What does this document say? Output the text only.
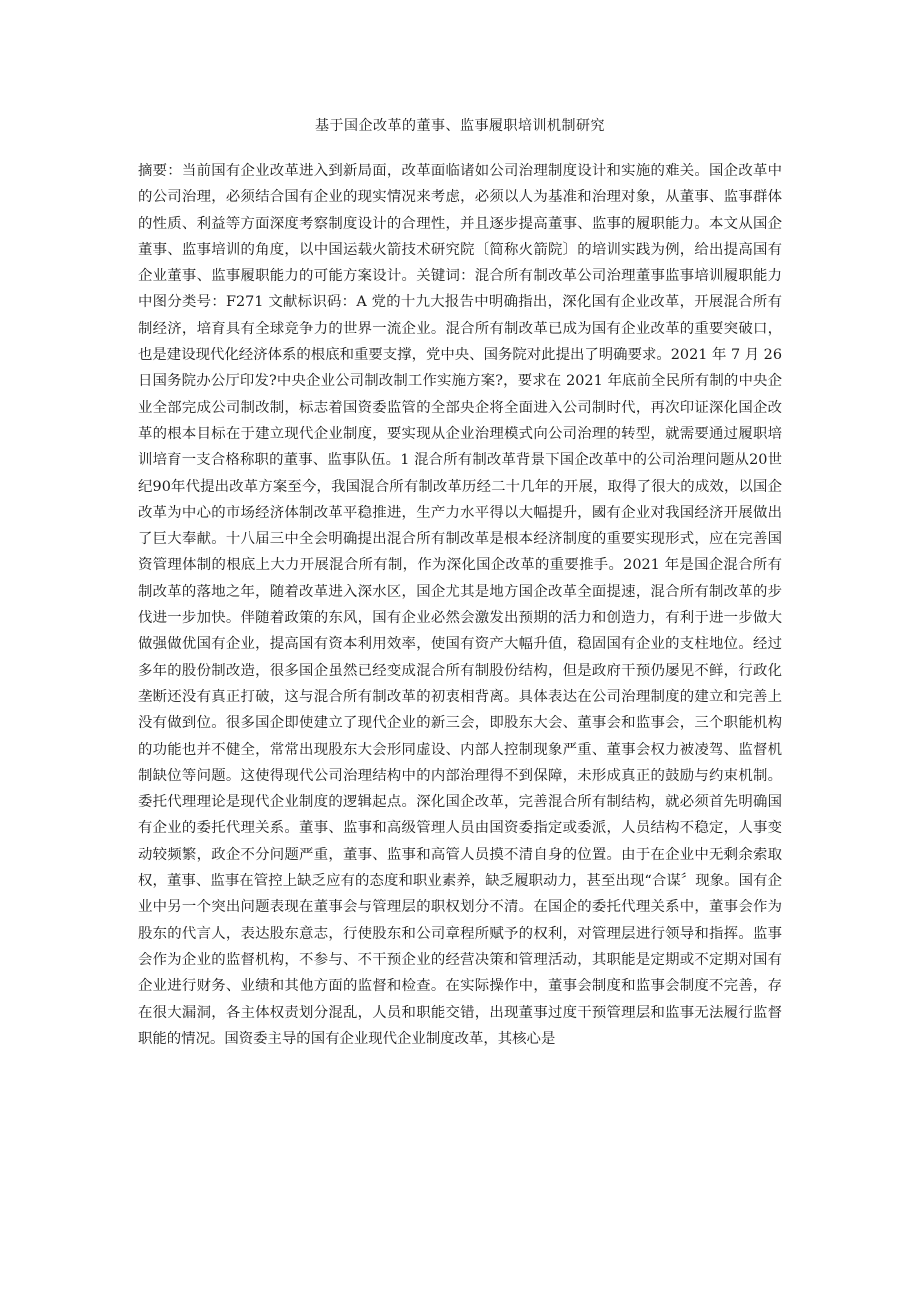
基于国企改革的董事、监事履职培训机制研究

摘要：当前国有企业改革进入到新局面，改革面临诸如公司治理制度设计和实施的难关。国企改革中的公司治理，必须结合国有企业的现实情况来考虑，必须以人为基准和治理对象，从董事、监事群体的性质、利益等方面深度考察制度设计的合理性，并且逐步提高董事、监事的履职能力。本文从国企董事、监事培训的角度，以中国运载火箭技术研究院〔简称火箭院〕的培训实践为例，给出提高国有企业董事、监事履职能力的可能方案设计。关键词：混合所有制改革公司治理董事监事培训履职能力中图分类号：F271 文献标识码：A 党的十九大报告中明确指出，深化国有企业改革，开展混合所有制经济，培育具有全球竞争力的世界一流企业。混合所有制改革已成为国有企业改革的重要突破口，也是建设现代化经济体系的根底和重要支撑，党中央、国务院对此提出了明确要求。2021 年 7 月 26 日国务院办公厅印发?中央企业公司制改制工作实施方案?，要求在 2021 年底前全民所有制的中央企业全部完成公司制改制，标志着国资委监管的全部央企将全面进入公司制时代，再次印证深化国企改革的根本目标在于建立现代企业制度，要实现从企业治理模式向公司治理的转型，就需要通过履职培训培育一支合格称职的董事、监事队伍。1 混合所有制改革背景下国企改革中的公司治理问题从20世纪90年代提出改革方案至今，我国混合所有制改革历经二十几年的开展，取得了很大的成效，以国企改革为中心的市场经济体制改革平稳推进，生产力水平得以大幅提升，國有企业对我国经济开展做出了巨大奉献。十八届三中全会明确提出混合所有制改革是根本经济制度的重要实现形式，应在完善国资管理体制的根底上大力开展混合所有制，作为深化国企改革的重要推手。2021 年是国企混合所有制改革的落地之年，随着改革进入深水区，国企尤其是地方国企改革全面提速，混合所有制改革的步伐进一步加快。伴随着政策的东风，国有企业必然会激发出预期的活力和创造力，有利于进一步做大做强做优国有企业，提高国有资本利用效率，使国有资产大幅升值，稳固国有企业的支柱地位。经过多年的股份制改造，很多国企虽然已经变成混合所有制股份结构，但是政府干预仍屡见不鲜，行政化垄断还没有真正打破，这与混合所有制改革的初衷相背离。具体表达在公司治理制度的建立和完善上没有做到位。很多国企即使建立了现代企业的新三会，即股东大会、董事会和监事会，三个职能机构的功能也并不健全，常常出现股东大会形同虚设、内部人控制现象严重、董事会权力被凌驾、监督机制缺位等问题。这使得现代公司治理结构中的内部治理得不到保障，未形成真正的鼓励与约束机制。委托代理理论是现代企业制度的逻辑起点。深化国企改革，完善混合所有制结构，就必须首先明确国有企业的委托代理关系。董事、监事和高级管理人员由国资委指定或委派，人员结构不稳定，人事变动较频繁，政企不分问题严重，董事、监事和高管人员摸不清自身的位置。由于在企业中无剩余索取权，董事、监事在管控上缺乏应有的态度和职业素养，缺乏履职动力，甚至出现“合谋〞现象。国有企业中另一个突出问题表现在董事会与管理层的职权划分不清。在国企的委托代理关系中，董事会作为股东的代言人，表达股东意志，行使股东和公司章程所赋予的权利，对管理层进行领导和指挥。监事会作为企业的监督机构，不参与、不干预企业的经营决策和管理活动，其职能是定期或不定期对国有企业进行财务、业绩和其他方面的监督和检查。在实际操作中，董事会制度和监事会制度不完善，存在很大漏洞，各主体权责划分混乱，人员和职能交错，出现董事过度干预管理层和监事无法履行监督职能的情况。国资委主导的国有企业现代企业制度改革，其核心是
